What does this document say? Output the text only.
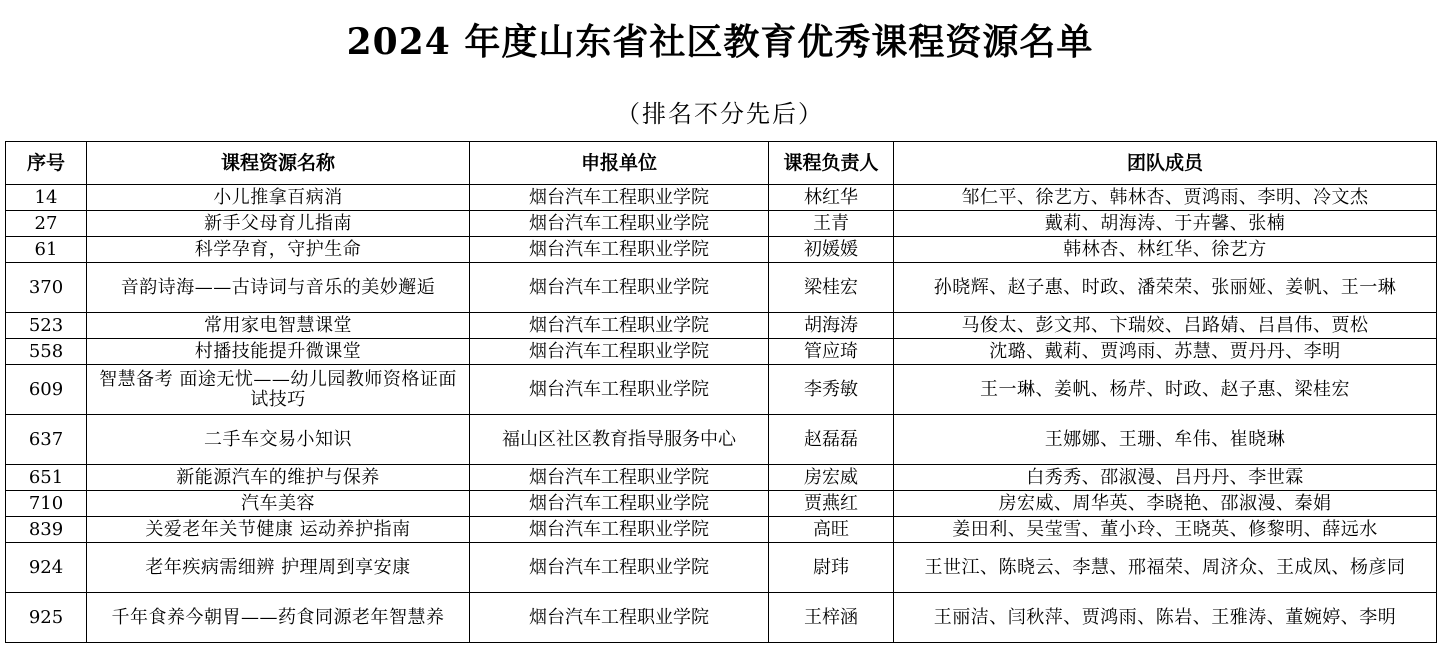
2024 年度山东省社区教育优秀课程资源名单
（排名不分先后）
序号	课程资源名称	申报单位	课程负责人	团队成员
14	小儿推拿百病消	烟台汽车工程职业学院	林红华	邹仁平、徐艺方、韩林杏、贾鸿雨、李明、冷文杰
27	新手父母育儿指南	烟台汽车工程职业学院	王青	戴莉、胡海涛、于卉馨、张楠
61	科学孕育，守护生命	烟台汽车工程职业学院	初媛媛	韩林杏、林红华、徐艺方
370	音韵诗海——古诗词与音乐的美妙邂逅	烟台汽车工程职业学院	梁桂宏	孙晓辉、赵子惠、时政、潘荣荣、张丽娅、姜帆、王一琳
523	常用家电智慧课堂	烟台汽车工程职业学院	胡海涛	马俊太、彭文邦、卞瑞姣、吕路婧、吕昌伟、贾松
558	村播技能提升微课堂	烟台汽车工程职业学院	管应琦	沈璐、戴莉、贾鸿雨、苏慧、贾丹丹、李明
609	智慧备考 面途无忧——幼儿园教师资格证面试技巧	烟台汽车工程职业学院	李秀敏	王一琳、姜帆、杨芹、时政、赵子惠、梁桂宏
637	二手车交易小知识	福山区社区教育指导服务中心	赵磊磊	王娜娜、王珊、牟伟、崔晓琳
651	新能源汽车的维护与保养	烟台汽车工程职业学院	房宏威	白秀秀、邵淑漫、吕丹丹、李世霖
710	汽车美容	烟台汽车工程职业学院	贾燕红	房宏威、周华英、李晓艳、邵淑漫、秦娟
839	关爱老年关节健康 运动养护指南	烟台汽车工程职业学院	高旺	姜田利、吴莹雪、董小玲、王晓英、修黎明、薛远水
924	老年疾病需细辨 护理周到享安康	烟台汽车工程职业学院	尉玮	王世江、陈晓云、李慧、邢福荣、周济众、王成凤、杨彦同
925	千年食养今朝胃——药食同源老年智慧养	烟台汽车工程职业学院	王梓涵	王丽洁、闫秋萍、贾鸿雨、陈岩、王雅涛、董婉婷、李明
